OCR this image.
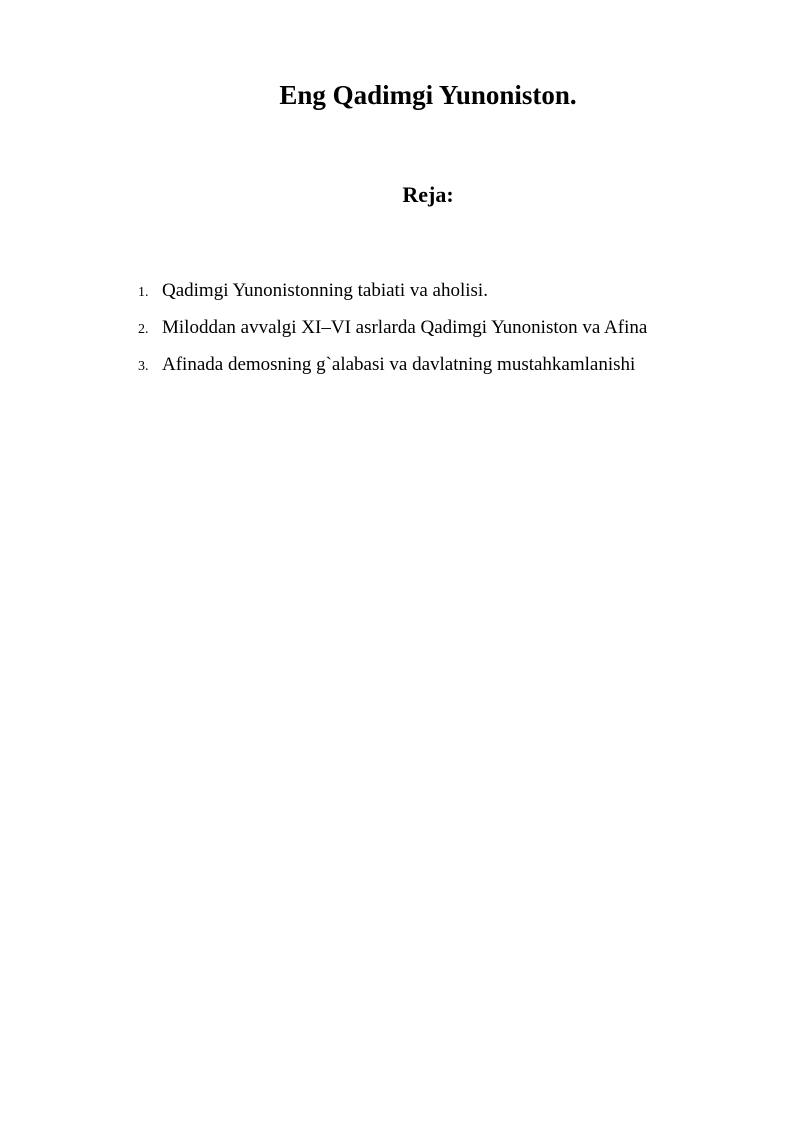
Eng Qadimgi Yunoniston.
Reja:
1. Qadimgi Yunonistonning tabiati va aholisi.
2. Miloddan avvalgi XI–VI asrlarda Qadimgi Yunoniston va Afina
3. Afinada demosning g`alabasi va davlatning mustahkamlanishi
